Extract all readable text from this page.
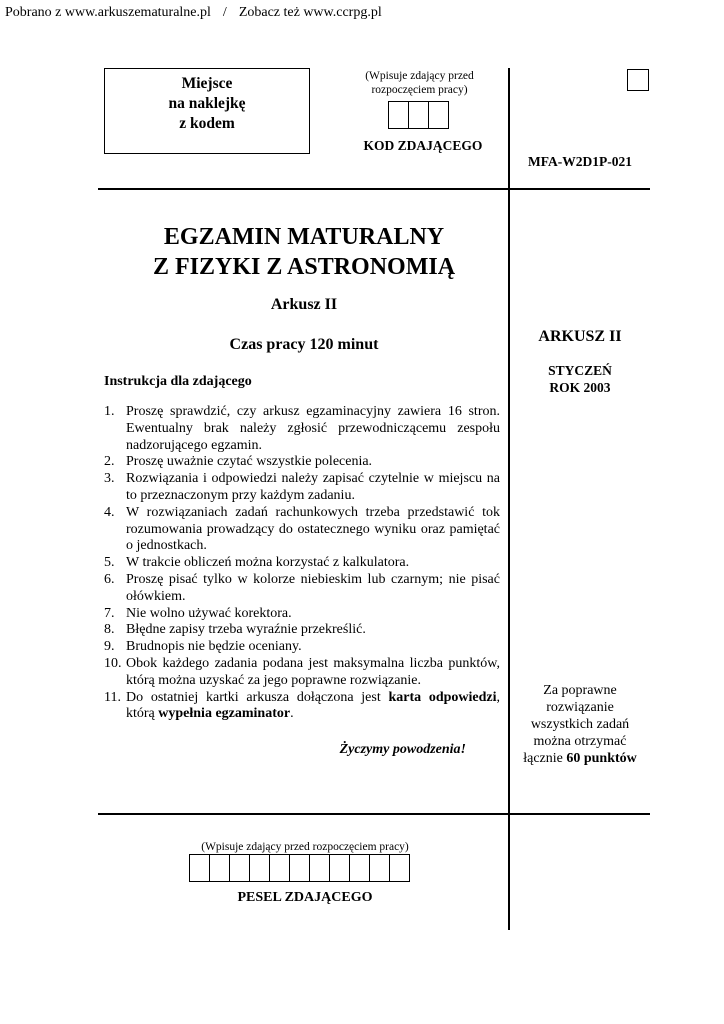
Pobrano z www.arkuszematuralne.pl / Zobacz też www.ccrpg.pl
Miejsce
na naklejkę
z kodem
(Wpisuje zdający przed
rozpoczęciem pracy)
KOD ZDAJĄCEGO
MFA-W2D1P-021
EGZAMIN MATURALNY
Z FIZYKI Z ASTRONOMIĄ
Arkusz II
Czas pracy 120 minut	ARKUSZ II
STYCZEŃ
ROK 2003
Za poprawne
rozwiązanie
wszystkich zadań
można otrzymać
łącznie 60 punktów
Instrukcja dla zdającego
1. Proszę sprawdzić, czy arkusz egzaminacyjny zawiera 16 stron. Ewentualny brak należy zgłosić przewodniczącemu zespołu nadzorującego egzamin.
2. Proszę uważnie czytać wszystkie polecenia.
3. Rozwiązania i odpowiedzi należy zapisać czytelnie w miejscu na to przeznaczonym przy każdym zadaniu.
4. W rozwiązaniach zadań rachunkowych trzeba przedstawić tok rozumowania prowadzący do ostatecznego wyniku oraz pamiętać o jednostkach.
5. W trakcie obliczeń można korzystać z kalkulatora.
6. Proszę pisać tylko w kolorze niebieskim lub czarnym; nie pisać ołówkiem.
7. Nie wolno używać korektora.
8. Błędne zapisy trzeba wyraźnie przekreślić.
9. Brudnopis nie będzie oceniany.
10. Obok każdego zadania podana jest maksymalna liczba punktów, którą można uzyskać za jego poprawne rozwiązanie.
11. Do ostatniej kartki arkusza dołączona jest karta odpowiedzi, którą wypełnia egzaminator.
Życzymy powodzenia!
(Wpisuje zdający przed rozpoczęciem pracy)
PESEL ZDAJĄCEGO
